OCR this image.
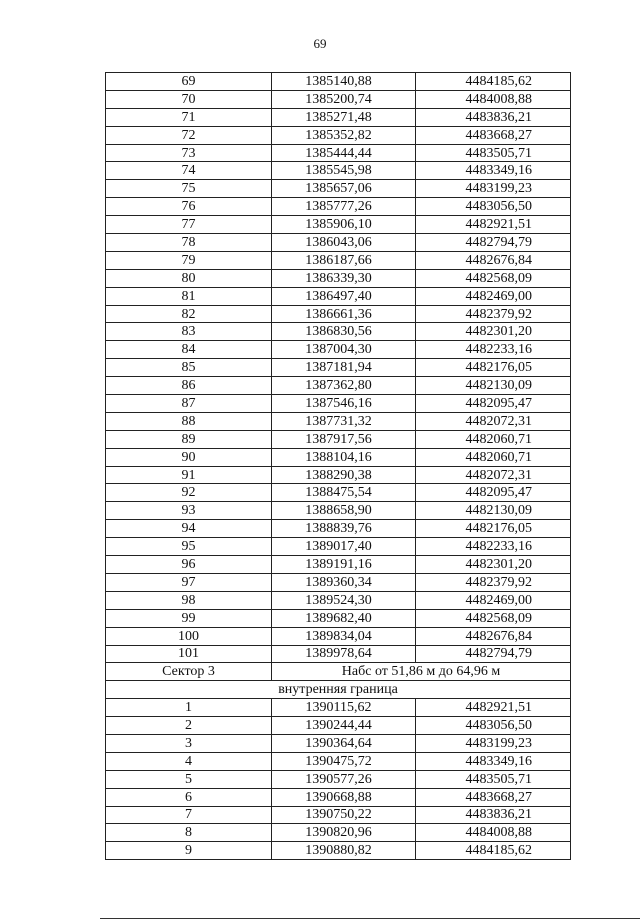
69
69	1385140,88	4484185,62
70	1385200,74	4484008,88
71	1385271,48	4483836,21
72	1385352,82	4483668,27
73	1385444,44	4483505,71
74	1385545,98	4483349,16
75	1385657,06	4483199,23
76	1385777,26	4483056,50
77	1385906,10	4482921,51
78	1386043,06	4482794,79
79	1386187,66	4482676,84
80	1386339,30	4482568,09
81	1386497,40	4482469,00
82	1386661,36	4482379,92
83	1386830,56	4482301,20
84	1387004,30	4482233,16
85	1387181,94	4482176,05
86	1387362,80	4482130,09
87	1387546,16	4482095,47
88	1387731,32	4482072,31
89	1387917,56	4482060,71
90	1388104,16	4482060,71
91	1388290,38	4482072,31
92	1388475,54	4482095,47
93	1388658,90	4482130,09
94	1388839,76	4482176,05
95	1389017,40	4482233,16
96	1389191,16	4482301,20
97	1389360,34	4482379,92
98	1389524,30	4482469,00
99	1389682,40	4482568,09
100	1389834,04	4482676,84
101	1389978,64	4482794,79
Сектор 3	Набс от 51,86 м до 64,96 м	
внутренняя граница		
1	1390115,62	4482921,51
2	1390244,44	4483056,50
3	1390364,64	4483199,23
4	1390475,72	4483349,16
5	1390577,26	4483505,71
6	1390668,88	4483668,27
7	1390750,22	4483836,21
8	1390820,96	4484008,88
9	1390880,82	4484185,62
